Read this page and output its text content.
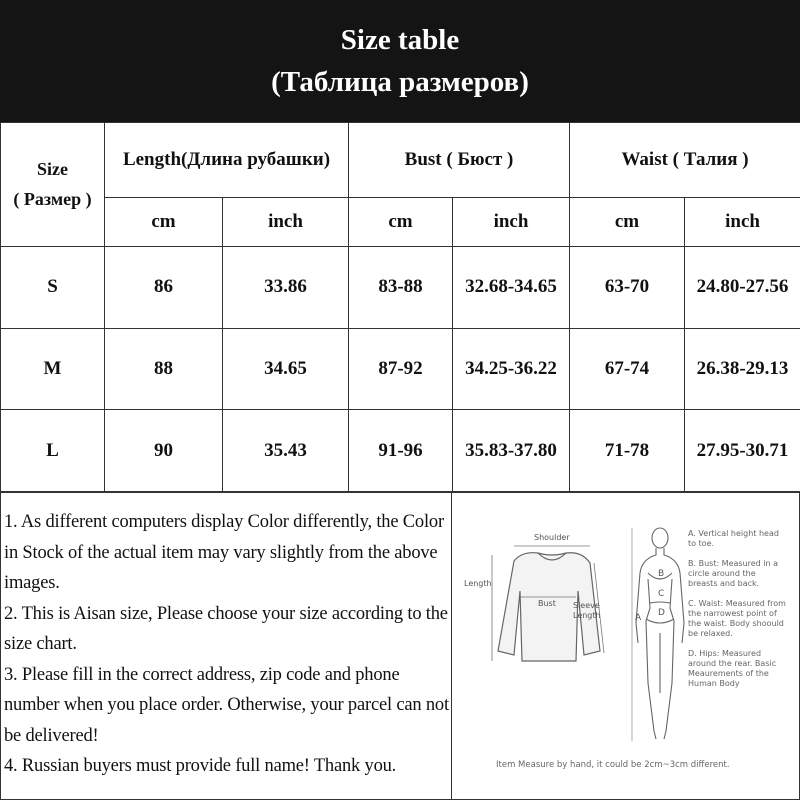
Size table
(Таблица размеров)
Size
( Размер )	Length(Длина рубашки)		Bust ( Бюст )		Waist ( Талия )	
	cm	inch	cm	inch	cm	inch
S	86	33.86	83-88	32.68-34.65	63-70	24.80-27.56
M	88	34.65	87-92	34.25-36.22	67-74	26.38-29.13
L	90	35.43	91-96	35.83-37.80	71-78	27.95-30.71

1. As different computers display Color differently, the Color in Stock of the actual item may vary slightly from the above images.

2. This is Aisan size, Please choose your size according to the size chart.

3. Please fill in the correct address, zip code and phone number when you place order. Otherwise, your parcel can not be delivered!

4. Russian buyers must provide full name! Thank you.

Shoulder
Length
Bust Sleeve Length	A
B
C
D
A. Vertical height head to toe.
B. Bust: Measured in a circle around the breasts and back.
C. Waist: Measured from the narrowest point of the waist. Body shoould be relaxed.
D. Hips: Measured around the rear. Basic Meaurements of the Human Body
Item Measure by hand, it could be 2cm~3cm different.
